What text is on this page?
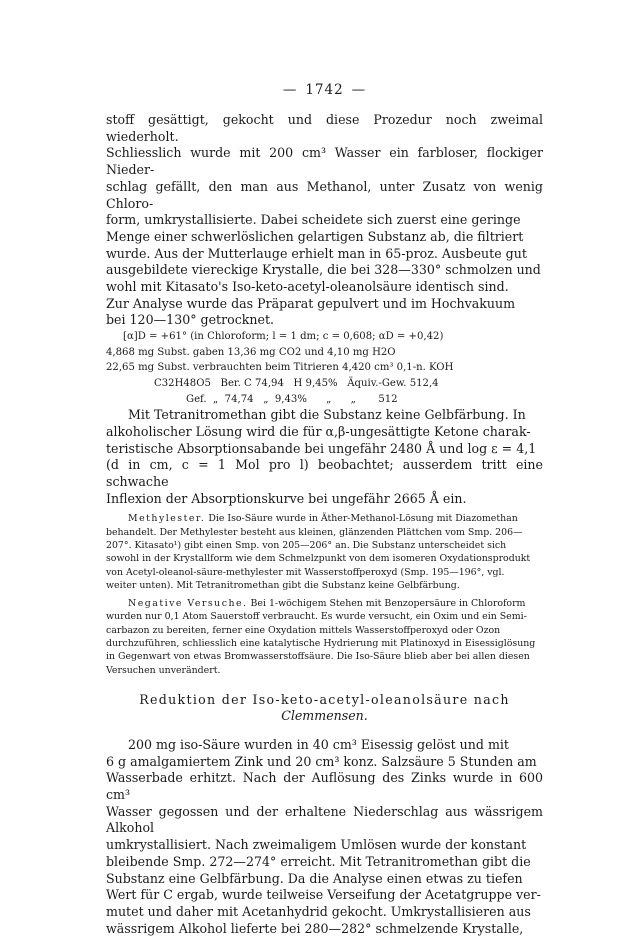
— 1742 —

stoff gesättigt, gekocht und diese Prozedur noch zweimal wiederholt.

Schliesslich wurde mit 200 cm³ Wasser ein farbloser, flockiger Nieder-

schlag gefällt, den man aus Methanol, unter Zusatz von wenig Chloro-

form, umkrystallisierte. Dabei scheidete sich zuerst eine geringe

Menge einer schwerlöslichen gelartigen Substanz ab, die filtriert

wurde. Aus der Mutterlauge erhielt man in 65-proz. Ausbeute gut

ausgebildete viereckige Krystalle, die bei 328—330° schmolzen und

wohl mit Kitasato's Iso-keto-acetyl-oleanolsäure identisch sind.

Zur Analyse wurde das Präparat gepulvert und im Hochvakuum

bei 120—130° getrocknet.

[α]D = +61° (in Chloroform; l = 1 dm; c = 0,608; αD = +0,42)
4,868 mg Subst. gaben 13,36 mg CO2 und 4,10 mg H2O
22,65 mg Subst. verbrauchten beim Titrieren 4,420 cm³ 0,1-n. KOH
C32H48O5   Ber. C 74,94   H 9,45%   Äquiv.-Gew. 512,4
Gef.  „  74,74   „  9,43%      „      „       512

Mit Tetranitromethan gibt die Substanz keine Gelbfärbung. In

alkoholischer Lösung wird die für α,β-ungesättigte Ketone charak-

teristische Absorptionsabande bei ungefähr 2480 Å und log ε = 4,1

(d in cm, c = 1 Mol pro l) beobachtet; ausserdem tritt eine schwache

Inflexion der Absorptionskurve bei ungefähr 2665 Å ein.

Methylester. Die Iso-Säure wurde in Äther-Methanol-Lösung mit Diazomethan

behandelt. Der Methylester besteht aus kleinen, glänzenden Plättchen vom Smp. 206—

207°. Kitasato¹) gibt einen Smp. von 205—206° an. Die Substanz unterscheidet sich

sowohl in der Krystallform wie dem Schmelzpunkt von dem isomeren Oxydationsprodukt

von Acetyl-oleanol-säure-methylester mit Wasserstoffperoxyd (Smp. 195—196°, vgl.

weiter unten). Mit Tetranitromethan gibt die Substanz keine Gelbfärbung.

Negative Versuche. Bei 1-wöchigem Stehen mit Benzopersäure in Chloroform

wurden nur 0,1 Atom Sauerstoff verbraucht. Es wurde versucht, ein Oxim und ein Semi-

carbazon zu bereiten, ferner eine Oxydation mittels Wasserstoffperoxyd oder Ozon

durchzuführen, schliesslich eine katalytische Hydrierung mit Platinoxyd in Eisessiglösung

in Gegenwart von etwas Bromwasserstoffsäure. Die Iso-Säure blieb aber bei allen diesen

Versuchen unverändert.

Reduktion der Iso-keto-acetyl-oleanolsäure nach
Clemmensen.

200 mg iso-Säure wurden in 40 cm³ Eisessig gelöst und mit

6 g amalgamiertem Zink und 20 cm³ konz. Salzsäure 5 Stunden am

Wasserbade erhitzt. Nach der Auflösung des Zinks wurde in 600 cm³

Wasser gegossen und der erhaltene Niederschlag aus wässrigem Alkohol

umkrystallisiert. Nach zweimaligem Umlösen wurde der konstant

bleibende Smp. 272—274° erreicht. Mit Tetranitromethan gibt die

Substanz eine Gelbfärbung. Da die Analyse einen etwas zu tiefen

Wert für C ergab, wurde teilweise Verseifung der Acetatgruppe ver-

mutet und daher mit Acetanhydrid gekocht. Umkrystallisieren aus

wässrigem Alkohol lieferte bei 280—282° schmelzende Krystalle,
